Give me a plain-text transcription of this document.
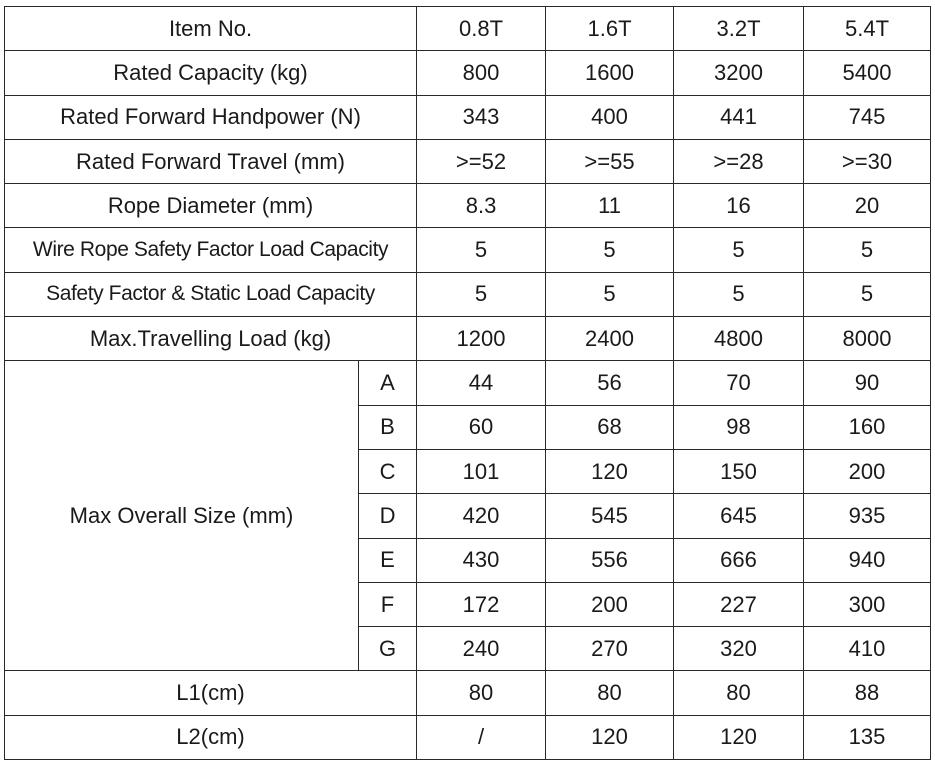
Item No.		0.8T	1.6T	3.2T	5.4T
Rated Capacity (kg)		800	1600	3200	5400
Rated Forward Handpower (N)		343	400	441	745
Rated Forward Travel (mm)		>=52	>=55	>=28	>=30
Rope Diameter (mm)		8.3	11	16	20
Wire Rope Safety Factor Load Capacity		5	5	5	5
Safety Factor & Static Load Capacity		5	5	5	5
Max.Travelling Load (kg)		1200	2400	4800	8000
Max Overall Size (mm)	A	44	56	70	90
	B	60	68	98	160
	C	101	120	150	200
	D	420	545	645	935
	E	430	556	666	940
	F	172	200	227	300
	G	240	270	320	410
L1(cm)		80	80	80	88
L2(cm)		/	120	120	135
